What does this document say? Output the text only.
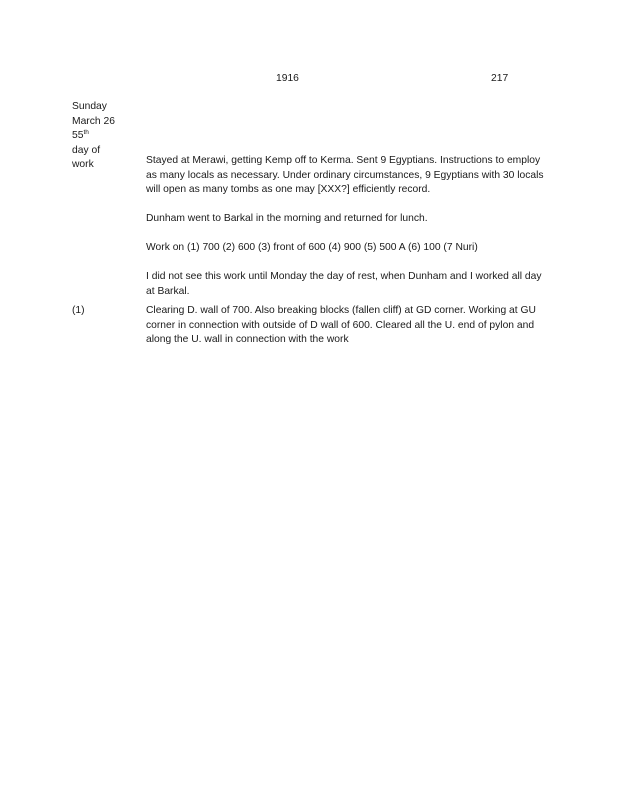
1916	217
Sunday
March 26
55th
day of
work	Stayed at Merawi, getting Kemp off to Kerma. Sent 9 Egyptians. Instructions to employ as many locals as necessary. Under ordinary circumstances, 9 Egyptians with 30 locals will open as many tombs as one may [XXX?] efficiently record.

Dunham went to Barkal in the morning and returned for lunch.

Work on (1) 700 (2) 600 (3) front of 600 (4) 900 (5) 500 A (6) 100 (7 Nuri)

I did not see this work until Monday the day of rest, when Dunham and I worked all day at Barkal.

(1)	Clearing D. wall of 700. Also breaking blocks (fallen cliff) at GD corner. Working at GU corner in connection with outside of D wall of 600. Cleared all the U. end of pylon and along the U. wall in connection with the work
